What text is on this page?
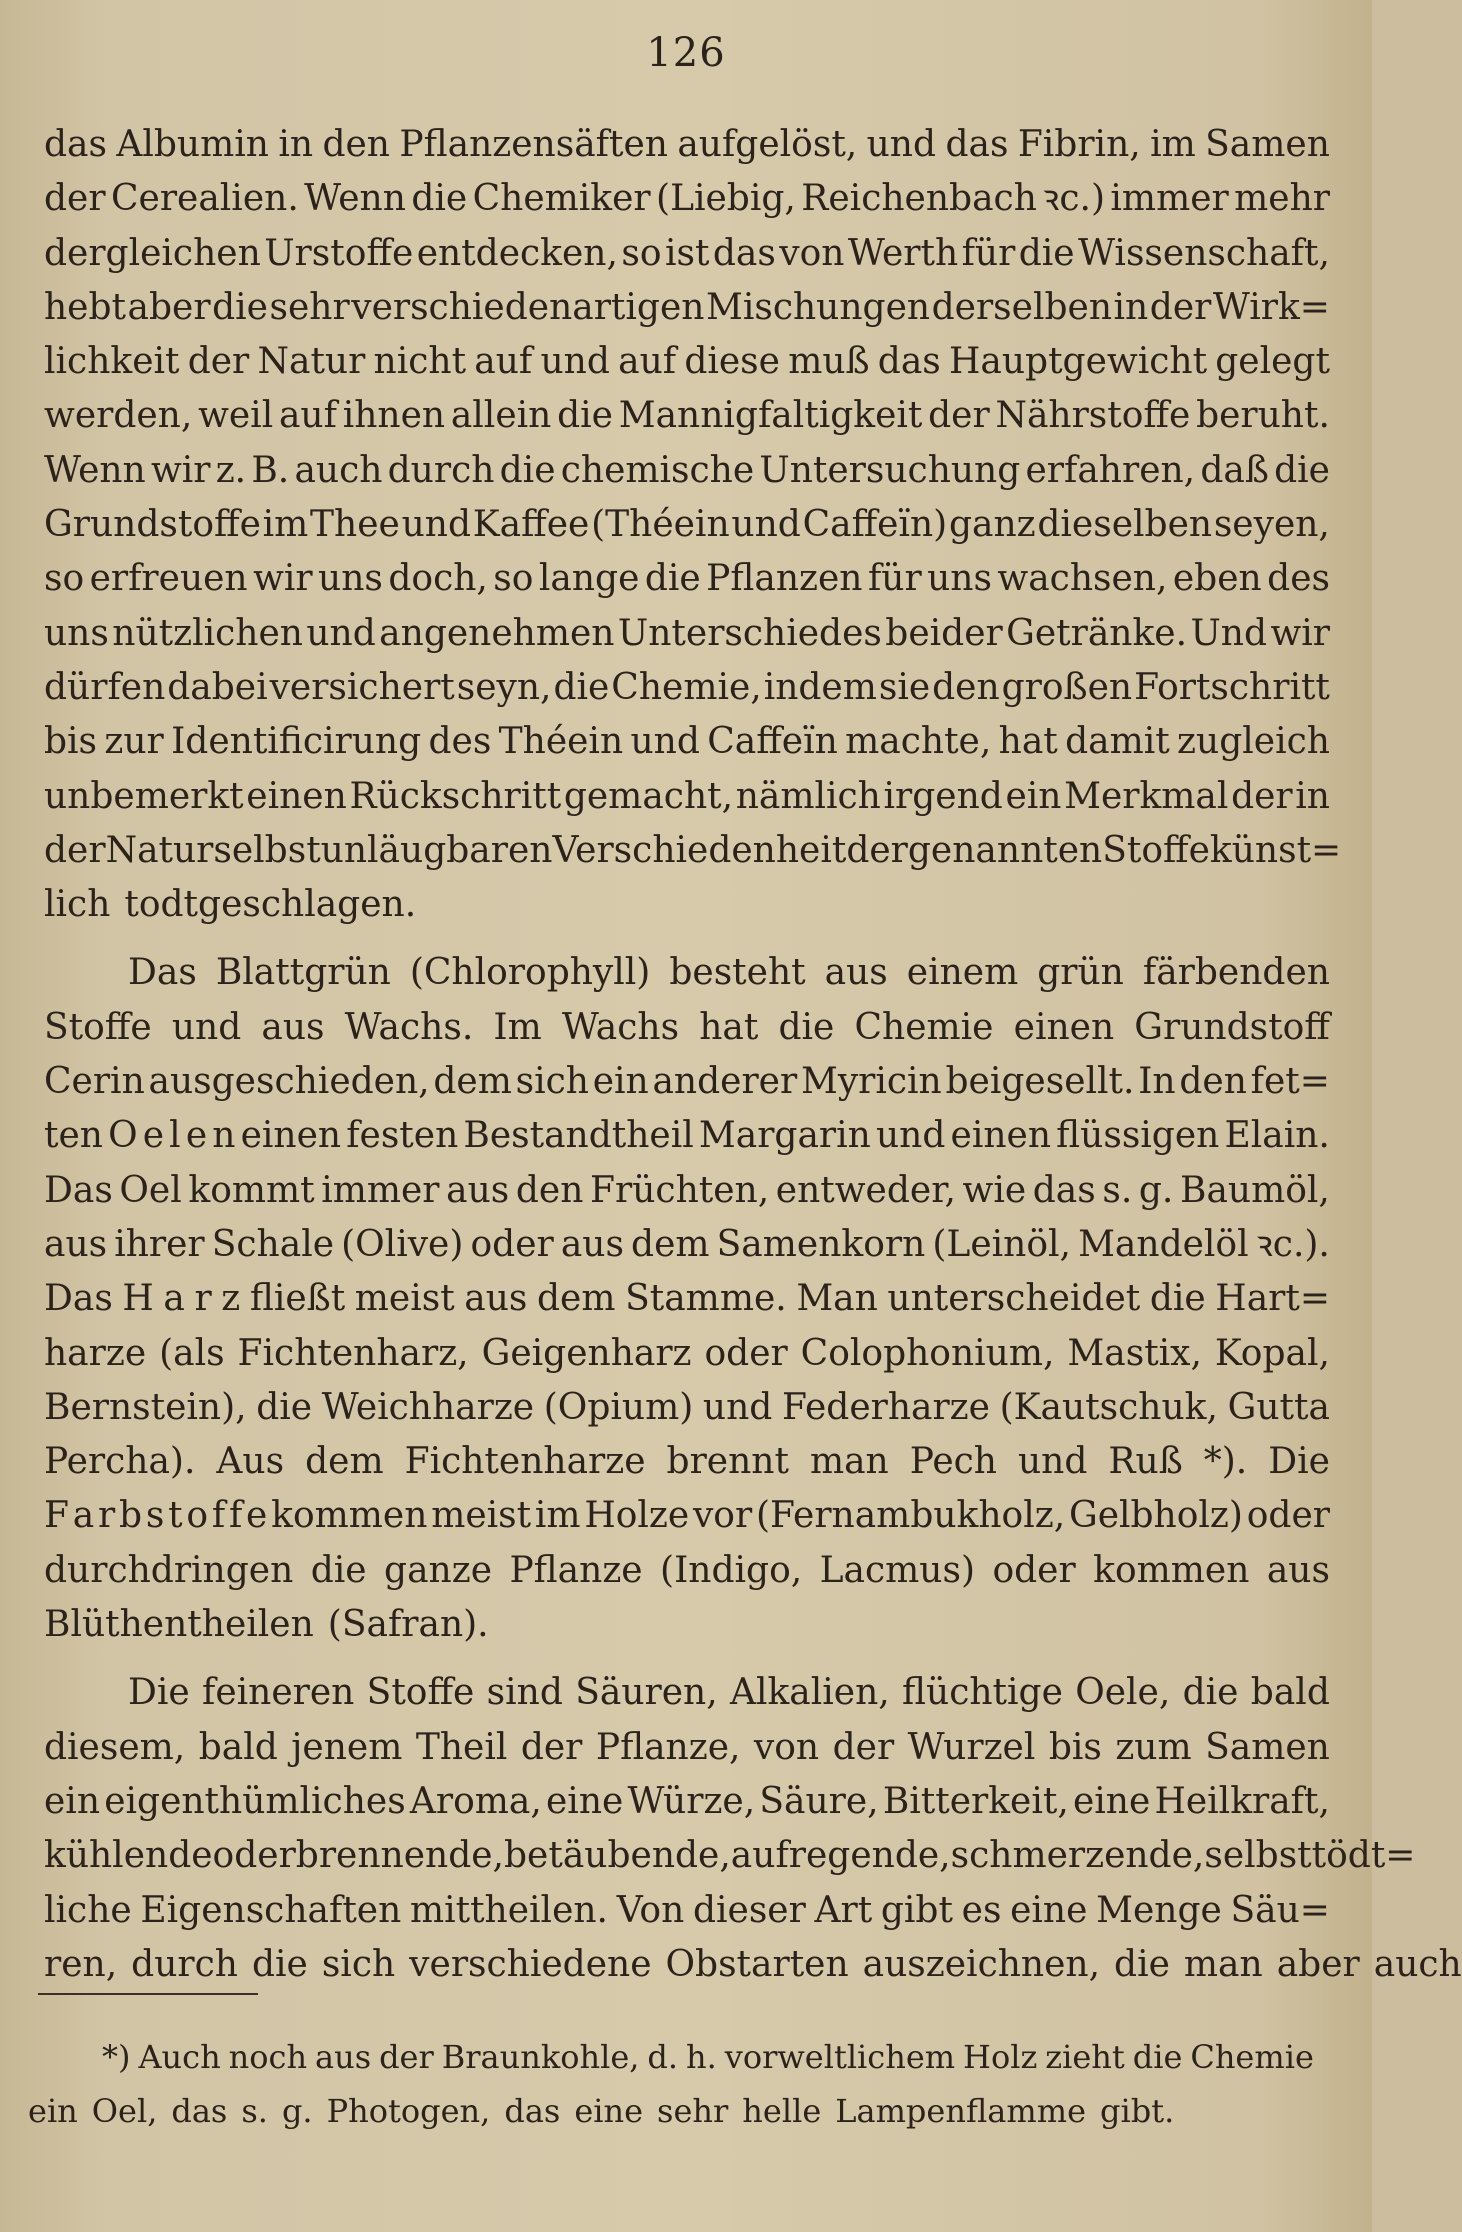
126
das Albumin in den Pflanzensäften aufgelöst, und das Fibrin, im Samen
der Cerealien. Wenn die Chemiker (Liebig, Reichenbach ꝛc.) immer mehr
dergleichen Urstoffe entdecken, so ist das von Werth für die Wissenschaft,
hebt aber die sehr verschiedenartigen Mischungen derselben in der Wirk=
lichkeit der Natur nicht auf und auf diese muß das Hauptgewicht gelegt
werden, weil auf ihnen allein die Mannigfaltigkeit der Nährstoffe beruht.
Wenn wir z. B. auch durch die chemische Untersuchung erfahren, daß die
Grundstoffe im Thee und Kaffee (Théein und Caffeïn) ganz dieselben seyen,
so erfreuen wir uns doch, so lange die Pflanzen für uns wachsen, eben des
uns nützlichen und angenehmen Unterschiedes beider Getränke. Und wir
dürfen dabei versichert seyn, die Chemie, indem sie den großen Fortschritt
bis zur Identificirung des Théein und Caffeïn machte, hat damit zugleich
unbemerkt einen Rückschritt gemacht, nämlich irgend ein Merkmal der in
der Natur selbst unläugbaren Verschiedenheit der genannten Stoffe künst=
lich todtgeschlagen.
Das Blattgrün (Chlorophyll) besteht aus einem grün färbenden
Stoffe und aus Wachs. Im Wachs hat die Chemie einen Grundstoff
Cerin ausgeschieden, dem sich ein anderer Myricin beigesellt. In den fet=
ten O e l e n einen festen Bestandtheil Margarin und einen flüssigen Elain.
Das Oel kommt immer aus den Früchten, entweder, wie das s. g. Baumöl,
aus ihrer Schale (Olive) oder aus dem Samenkorn (Leinöl, Mandelöl ꝛc.).
Das H a r z fließt meist aus dem Stamme. Man unterscheidet die Hart=
harze (als Fichtenharz, Geigenharz oder Colophonium, Mastix, Kopal,
Bernstein), die Weichharze (Opium) und Federharze (Kautschuk, Gutta
Percha). Aus dem Fichtenharze brennt man Pech und Ruß *). Die
F a r b s t o f f e kommen meist im Holze vor (Fernambukholz, Gelbholz) oder
durchdringen die ganze Pflanze (Indigo, Lacmus) oder kommen aus
Blüthentheilen (Safran).
Die feineren Stoffe sind Säuren, Alkalien, flüchtige Oele, die bald
diesem, bald jenem Theil der Pflanze, von der Wurzel bis zum Samen
ein eigenthümliches Aroma, eine Würze, Säure, Bitterkeit, eine Heilkraft,
kühlende oder brennende, betäubende, aufregende, schmerzende, selbst tödt=
liche Eigenschaften mittheilen. Von dieser Art gibt es eine Menge Säu=
ren, durch die sich verschiedene Obstarten auszeichnen, die man aber auch
*) Auch noch aus der Braunkohle, d. h. vorweltlichem Holz zieht die Chemie
ein Oel, das s. g. Photogen, das eine sehr helle Lampenflamme gibt.
